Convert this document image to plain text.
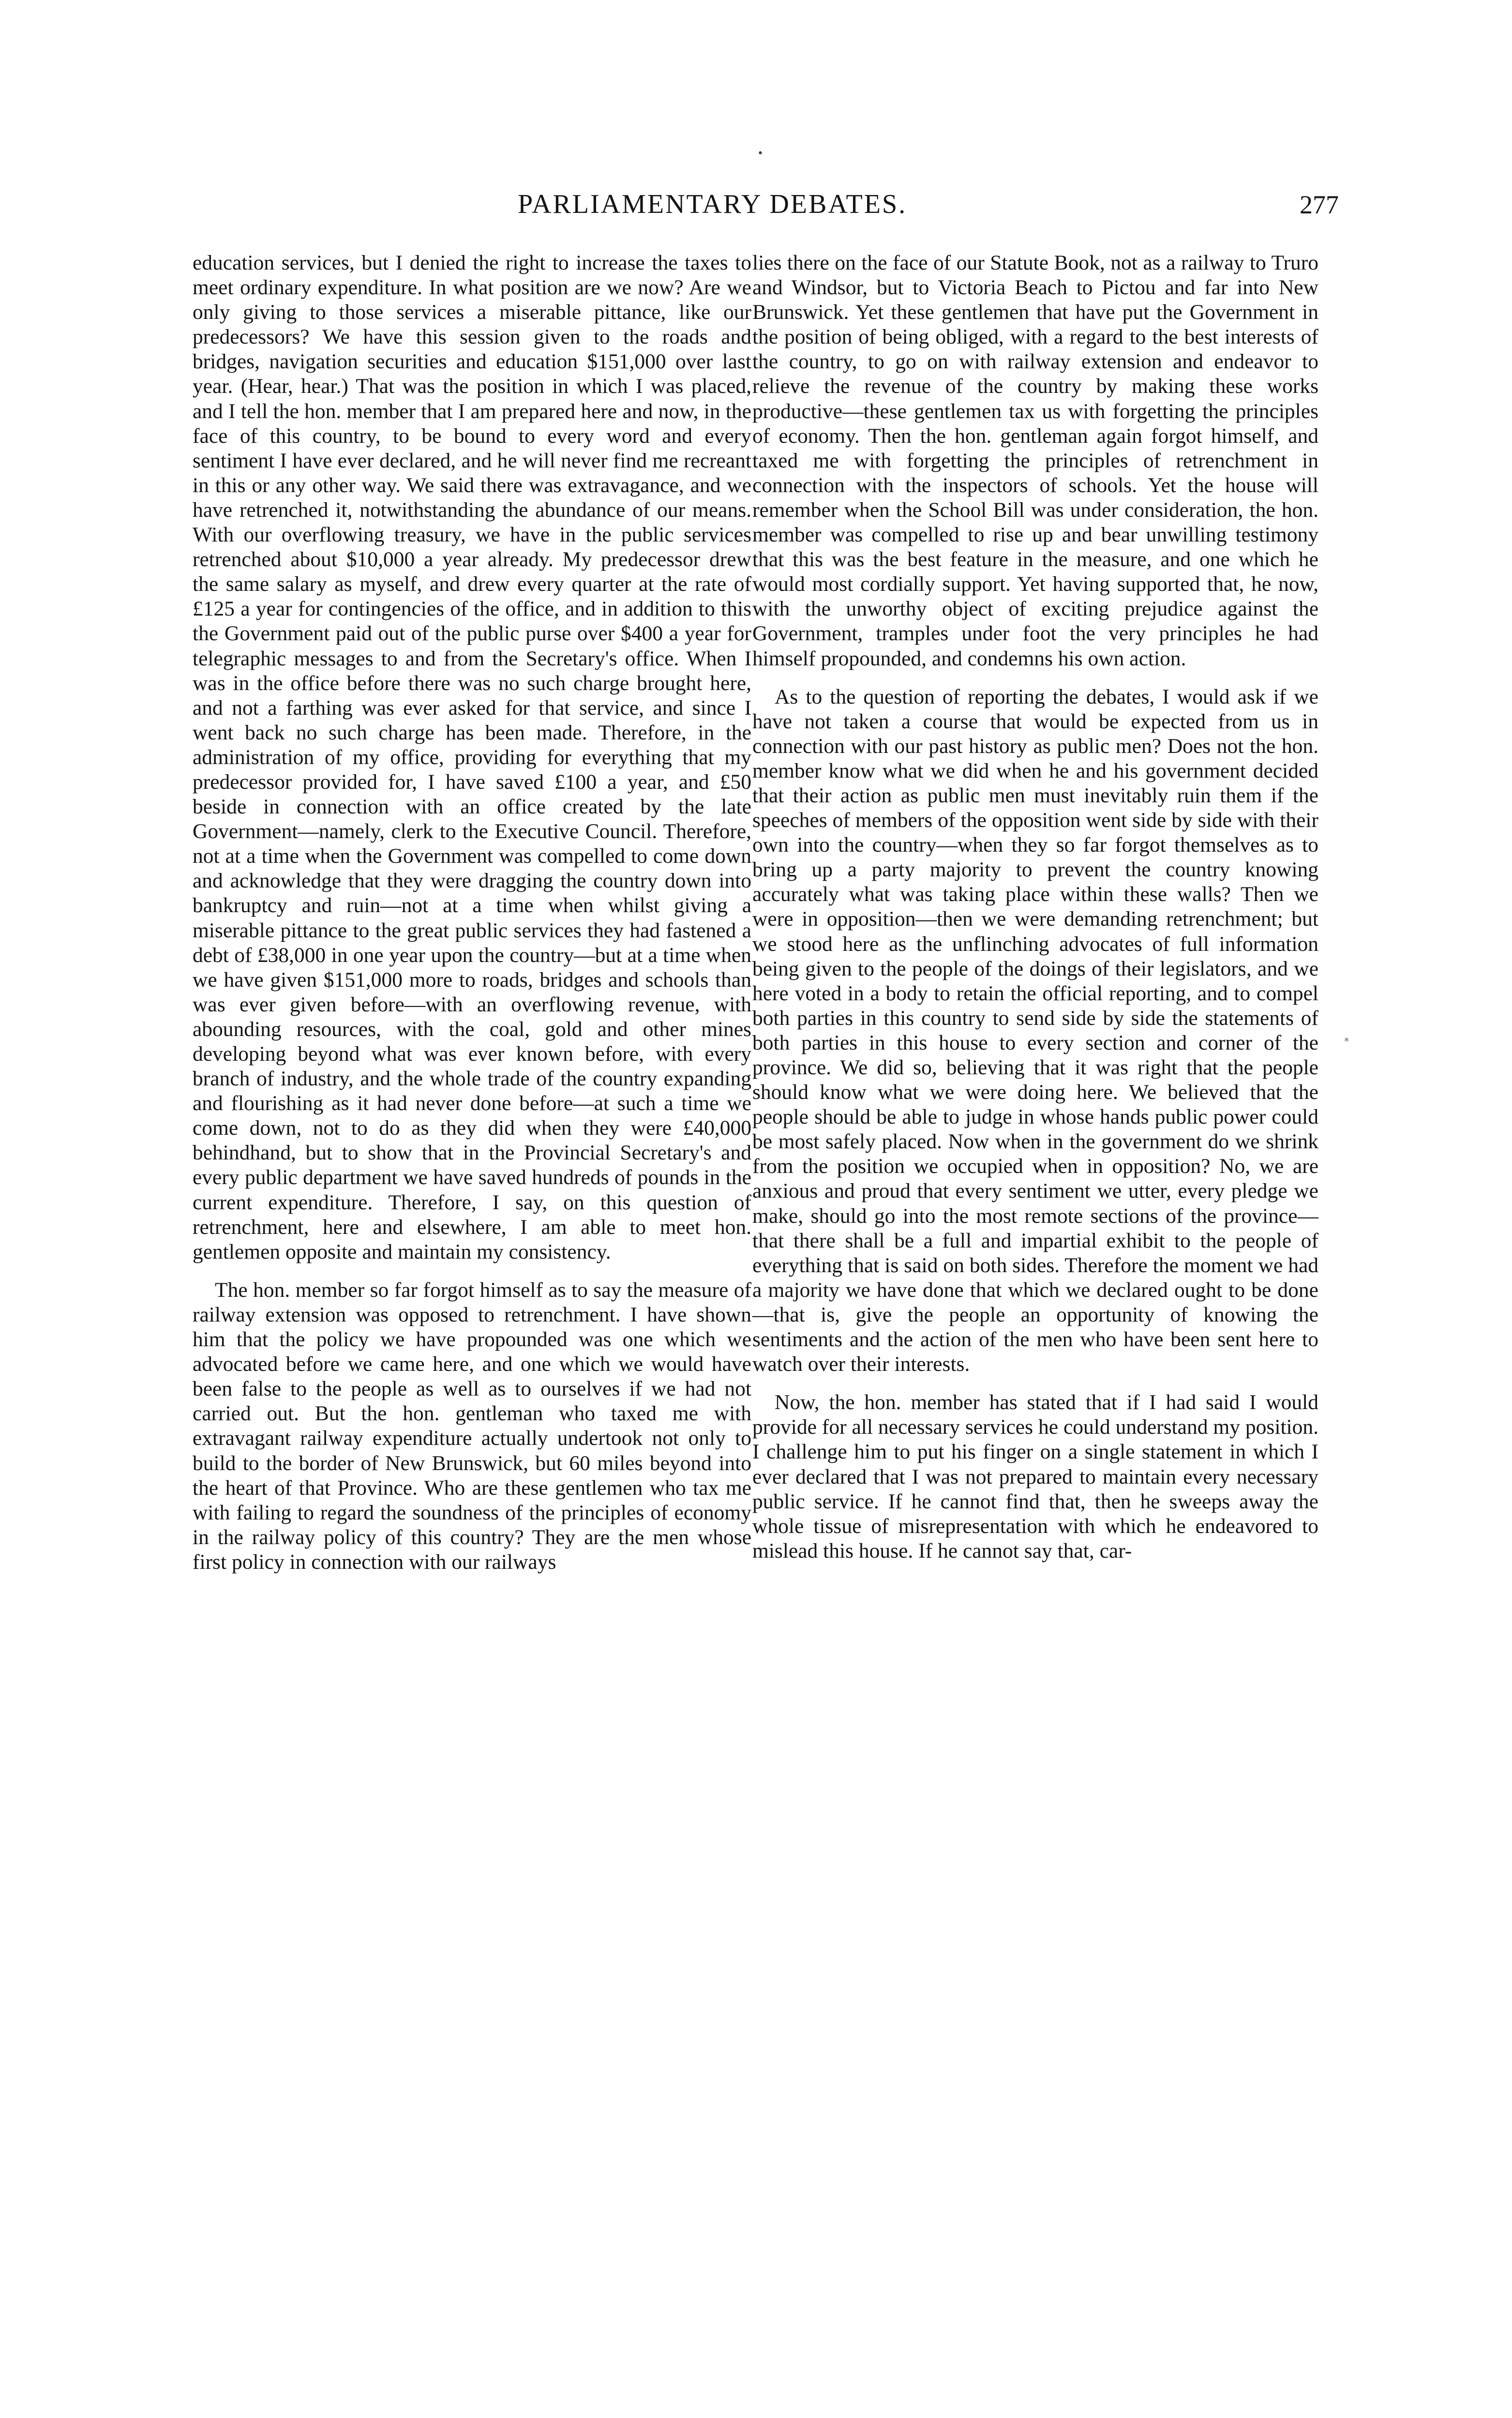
•
PARLIAMENTARY DEBATES.	277

education services, but I denied the right to increase the taxes to meet ordinary expenditure. In what position are we now? Are we only giving to those services a miserable pittance, like our predecessors? We have this session given to the roads and bridges, navigation securities and education $151,000 over last year. (Hear, hear.) That was the position in which I was placed, and I tell the hon. member that I am prepared here and now, in the face of this country, to be bound to every word and every sentiment I have ever declared, and he will never find me recreant in this or any other way. We said there was extravagance, and we have retrenched it, notwithstanding the abundance of our means. With our overflowing treasury, we have in the public services retrenched about $10,000 a year already. My predecessor drew the same salary as myself, and drew every quarter at the rate of £125 a year for contingencies of the office, and in addition to this the Government paid out of the public purse over $400 a year for telegraphic messages to and from the Secretary's office. When I was in the office before there was no such charge brought here, and not a farthing was ever asked for that service, and since I went back no such charge has been made. Therefore, in the administration of my office, providing for everything that my predecessor provided for, I have saved £100 a year, and £50 beside in connection with an office created by the late Government—namely, clerk to the Executive Council. Therefore, not at a time when the Government was compelled to come down and acknowledge that they were dragging the country down into bankruptcy and ruin—not at a time when whilst giving a miserable pittance to the great public services they had fastened a debt of £38,000 in one year upon the country—but at a time when we have given $151,000 more to roads, bridges and schools than was ever given before—with an overflowing revenue, with abounding resources, with the coal, gold and other mines developing beyond what was ever known before, with every branch of industry, and the whole trade of the country expanding and flourishing as it had never done before—at such a time we come down, not to do as they did when they were £40,000 behindhand, but to show that in the Provincial Secretary's and every public department we have saved hundreds of pounds in the current expenditure. Therefore, I say, on this question of retrenchment, here and elsewhere, I am able to meet hon. gentlemen opposite and maintain my consistency.

The hon. member so far forgot himself as to say the measure of railway extension was opposed to retrenchment. I have shown him that the policy we have propounded was one which we advocated before we came here, and one which we would have been false to the people as well as to ourselves if we had not carried out. But the hon. gentleman who taxed me with extravagant railway expenditure actually undertook not only to build to the border of New Brunswick, but 60 miles beyond into the heart of that Province. Who are these gentlemen who tax me with failing to regard the soundness of the principles of economy in the railway policy of this country? They are the men whose first policy in connection with our railways

lies there on the face of our Statute Book, not as a railway to Truro and Windsor, but to Victoria Beach to Pictou and far into New Brunswick. Yet these gentlemen that have put the Government in the position of being obliged, with a regard to the best interests of the country, to go on with railway extension and endeavor to relieve the revenue of the country by making these works productive—these gentlemen tax us with forgetting the principles of economy. Then the hon. gentleman again forgot himself, and taxed me with forgetting the principles of retrenchment in connection with the inspectors of schools. Yet the house will remember when the School Bill was under consideration, the hon. member was compelled to rise up and bear unwilling testimony that this was the best feature in the measure, and one which he would most cordially support. Yet having supported that, he now, with the unworthy object of exciting prejudice against the Government, tramples under foot the very principles he had himself propounded, and condemns his own action.

As to the question of reporting the debates, I would ask if we have not taken a course that would be expected from us in connection with our past history as public men? Does not the hon. member know what we did when he and his government decided that their action as public men must inevitably ruin them if the speeches of members of the opposition went side by side with their own into the country—when they so far forgot themselves as to bring up a party majority to prevent the country knowing accurately what was taking place within these walls? Then we were in opposition—then we were demanding retrenchment; but we stood here as the unflinching advocates of full information being given to the people of the doings of their legislators, and we here voted in a body to retain the official reporting, and to compel both parties in this country to send side by side the statements of both parties in this house to every section and corner of the province. We did so, believing that it was right that the people should know what we were doing here. We believed that the people should be able to judge in whose hands public power could be most safely placed. Now when in the government do we shrink from the position we occupied when in opposition? No, we are anxious and proud that every sentiment we utter, every pledge we make, should go into the most remote sections of the province—that there shall be a full and impartial exhibit to the people of everything that is said on both sides. Therefore the moment we had a majority we have done that which we declared ought to be done—that is, give the people an opportunity of knowing the sentiments and the action of the men who have been sent here to watch over their interests.

Now, the hon. member has stated that if I had said I would provide for all necessary services he could understand my position. I challenge him to put his finger on a single statement in which I ever declared that I was not prepared to maintain every necessary public service. If he cannot find that, then he sweeps away the whole tissue of misrepresentation with which he endeavored to mislead this house. If he cannot say that, car-

*
